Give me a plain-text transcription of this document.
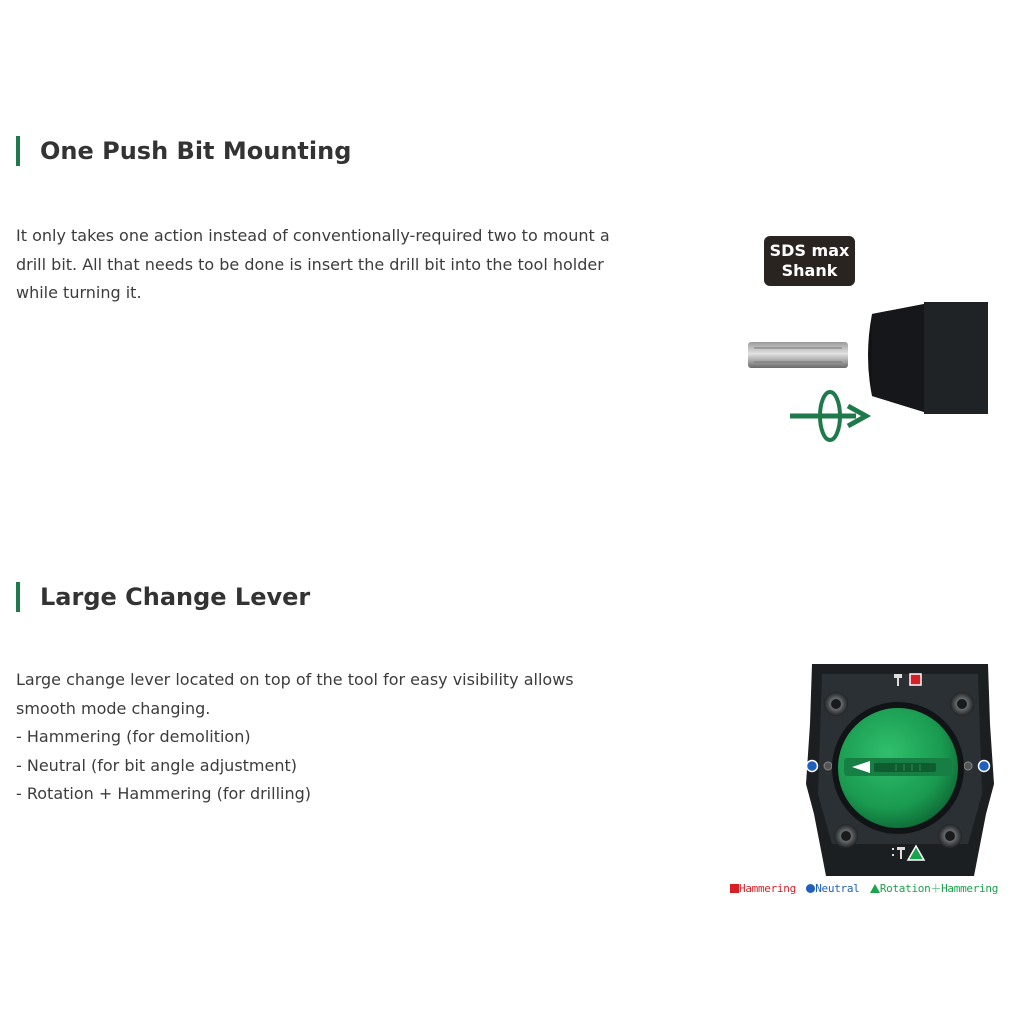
One Push Bit Mounting

It only takes one action instead of conventionally-required two to mount a drill bit. All that needs to be done is insert the drill bit into the tool holder while turning it.

SDS max
Shank
Large Change Lever

Large change lever located on top of the tool for easy visibility allows smooth mode changing.

- Hammering (for demolition)

- Neutral (for bit angle adjustment)

- Rotation + Hammering (for drilling)

Hammering Neutral Rotation＋Hammering
